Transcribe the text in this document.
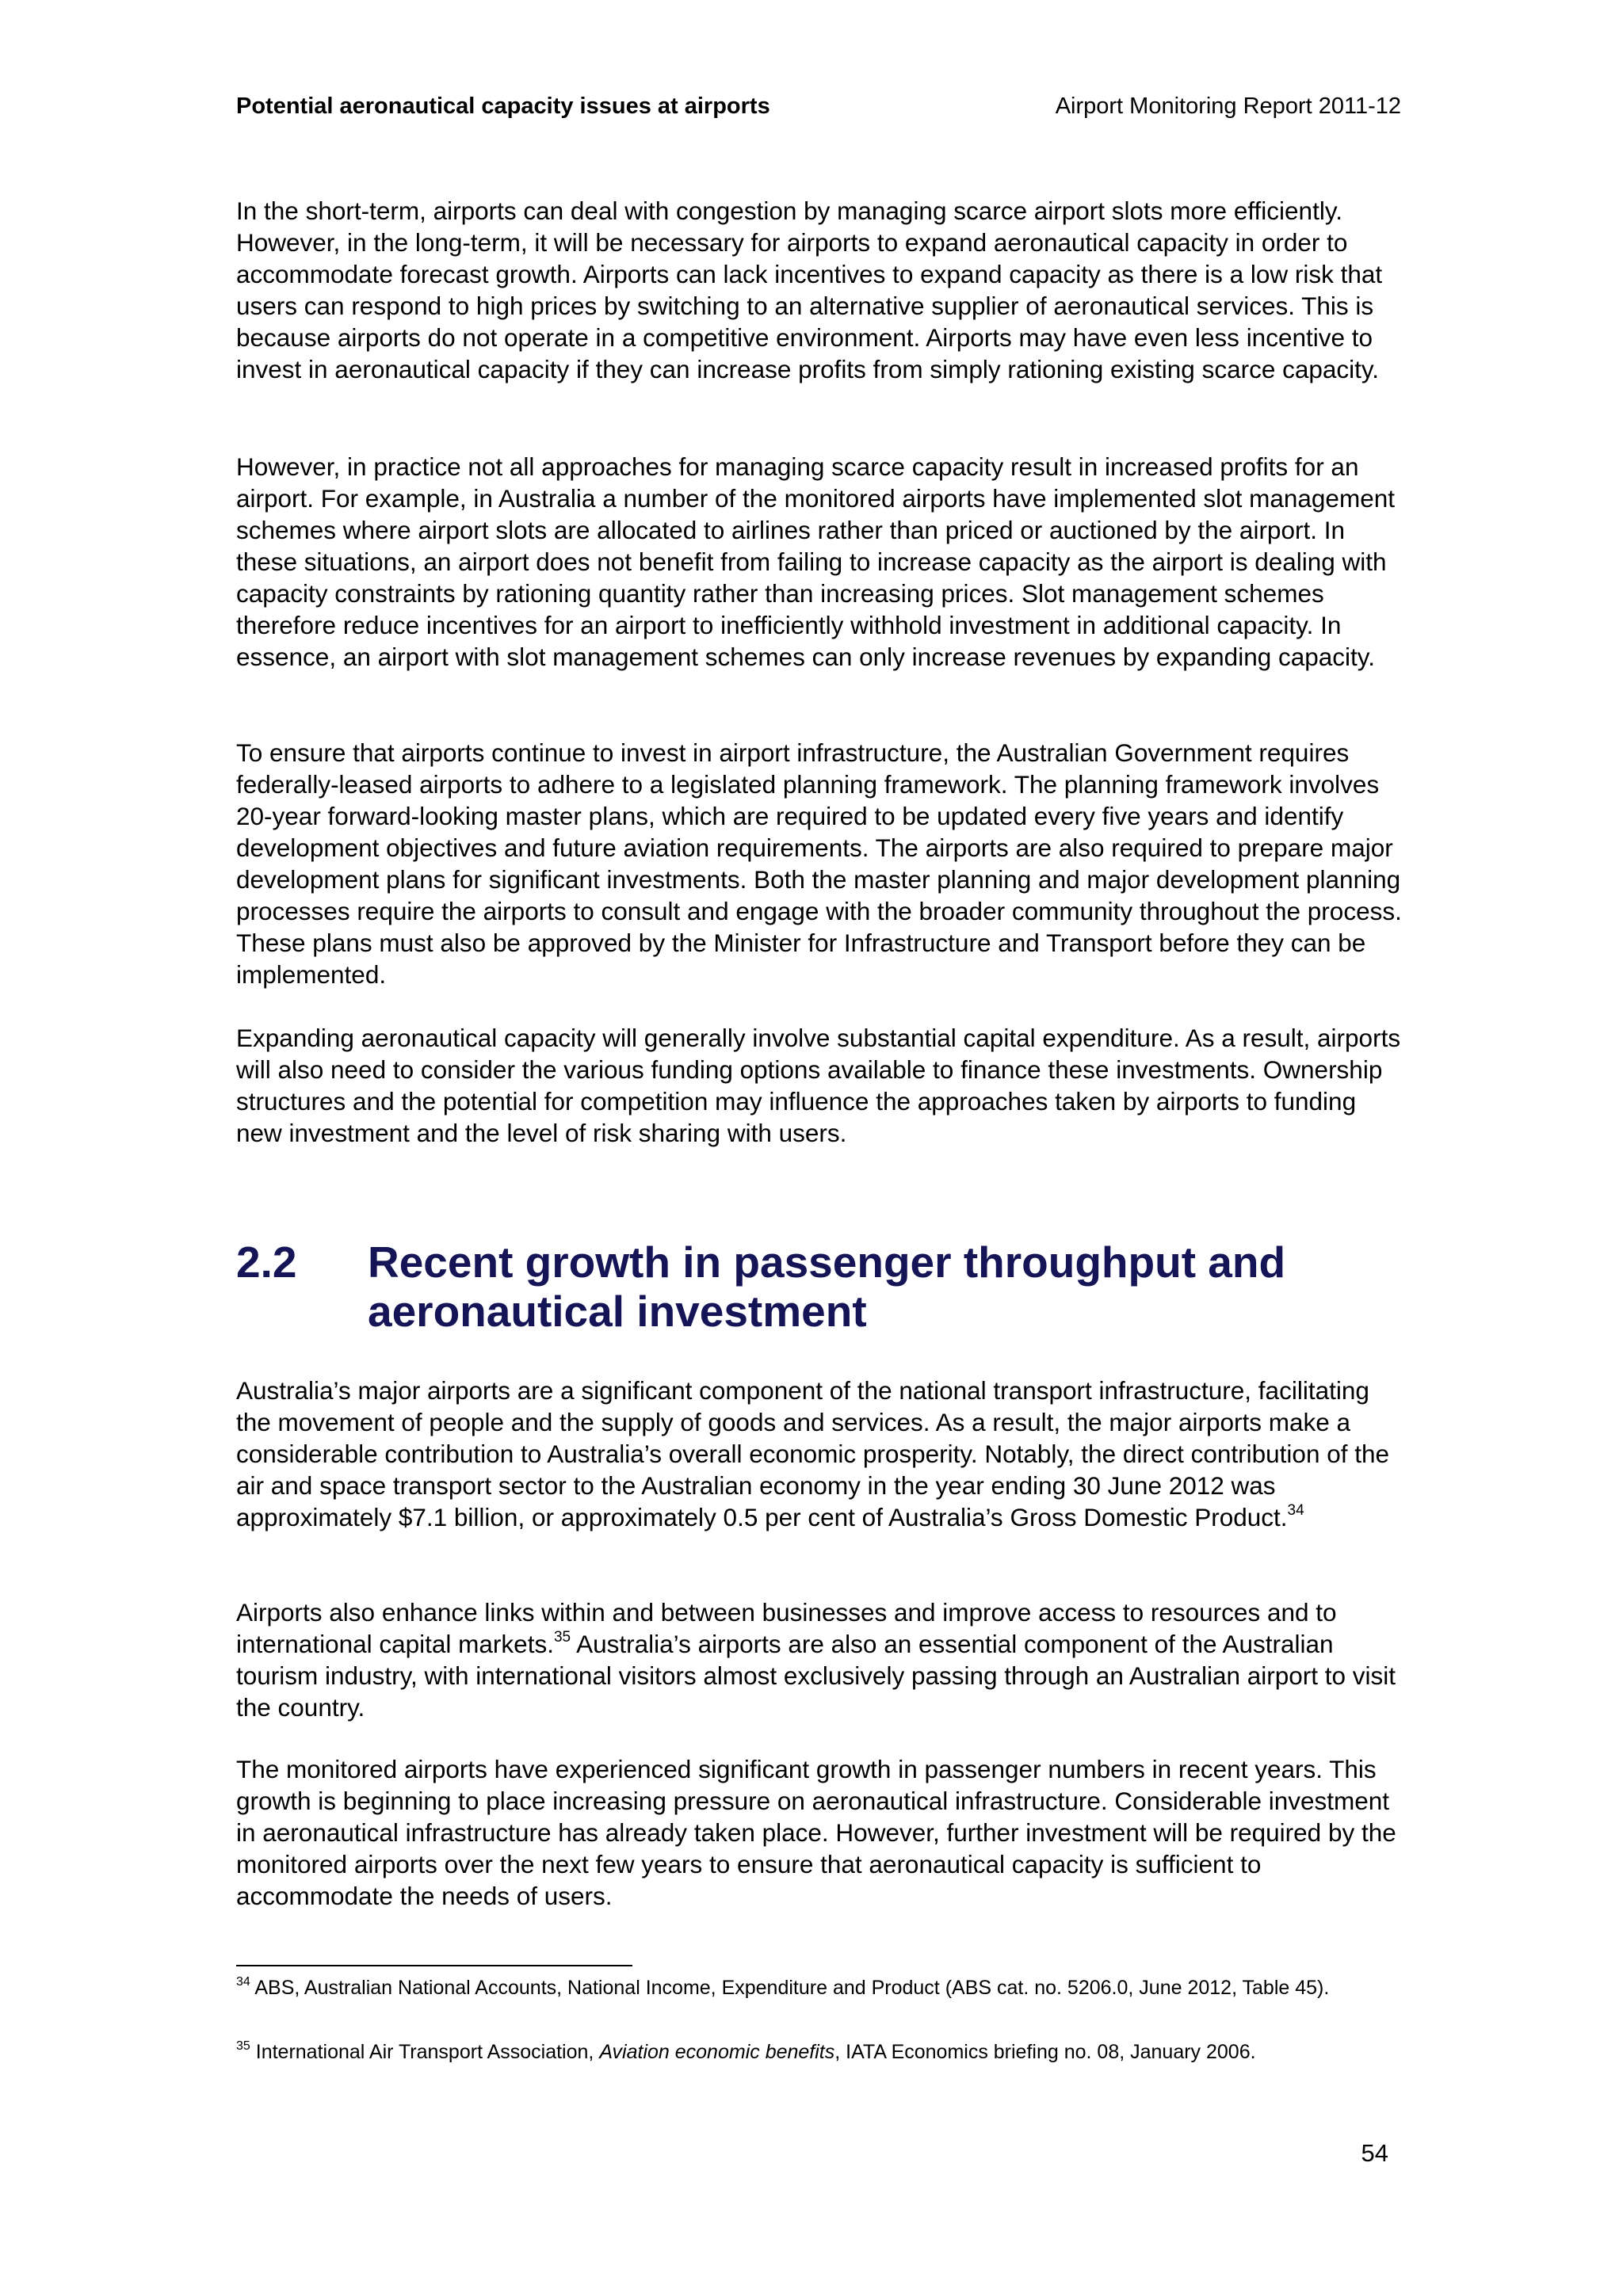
Potential aeronautical capacity issues at airports	Airport Monitoring Report 2011-12

In the short-term, airports can deal with congestion by managing scarce airport slots more efficiently. However, in the long-term, it will be necessary for airports to expand aeronautical capacity in order to accommodate forecast growth. Airports can lack incentives to expand capacity as there is a low risk that users can respond to high prices by switching to an alternative supplier of aeronautical services. This is because airports do not operate in a competitive environment. Airports may have even less incentive to invest in aeronautical capacity if they can increase profits from simply rationing existing scarce capacity.

However, in practice not all approaches for managing scarce capacity result in increased profits for an airport. For example, in Australia a number of the monitored airports have implemented slot management schemes where airport slots are allocated to airlines rather than priced or auctioned by the airport. In these situations, an airport does not benefit from failing to increase capacity as the airport is dealing with capacity constraints by rationing quantity rather than increasing prices. Slot management schemes therefore reduce incentives for an airport to inefficiently withhold investment in additional capacity. In essence, an airport with slot management schemes can only increase revenues by expanding capacity.

To ensure that airports continue to invest in airport infrastructure, the Australian Government requires federally-leased airports to adhere to a legislated planning framework. The planning framework involves 20-year forward-looking master plans, which are required to be updated every five years and identify development objectives and future aviation requirements. The airports are also required to prepare major development plans for significant investments. Both the master planning and major development planning processes require the airports to consult and engage with the broader community throughout the process. These plans must also be approved by the Minister for Infrastructure and Transport before they can be implemented.

Expanding aeronautical capacity will generally involve substantial capital expenditure. As a result, airports will also need to consider the various funding options available to finance these investments. Ownership structures and the potential for competition may influence the approaches taken by airports to funding new investment and the level of risk sharing with users.

2.2 Recent growth in passenger throughput and aeronautical investment

Australia’s major airports are a significant component of the national transport infrastructure, facilitating the movement of people and the supply of goods and services. As a result, the major airports make a considerable contribution to Australia’s overall economic prosperity. Notably, the direct contribution of the air and space transport sector to the Australian economy in the year ending 30 June 2012 was approximately $7.1 billion, or approximately 0.5 per cent of Australia’s Gross Domestic Product.$^{34}$

Airports also enhance links within and between businesses and improve access to resources and to international capital markets.$^{35}$ Australia’s airports are also an essential component of the Australian tourism industry, with international visitors almost exclusively passing through an Australian airport to visit the country.

The monitored airports have experienced significant growth in passenger numbers in recent years. This growth is beginning to place increasing pressure on aeronautical infrastructure. Considerable investment in aeronautical infrastructure has already taken place. However, further investment will be required by the monitored airports over the next few years to ensure that aeronautical capacity is sufficient to accommodate the needs of users.

$^{34}$ ABS, Australian National Accounts, National Income, Expenditure and Product (ABS cat. no. 5206.0, June 2012, Table 45).
$^{35}$ International Air Transport Association, Aviation economic benefits, IATA Economics briefing no. 08, January 2006.
54
